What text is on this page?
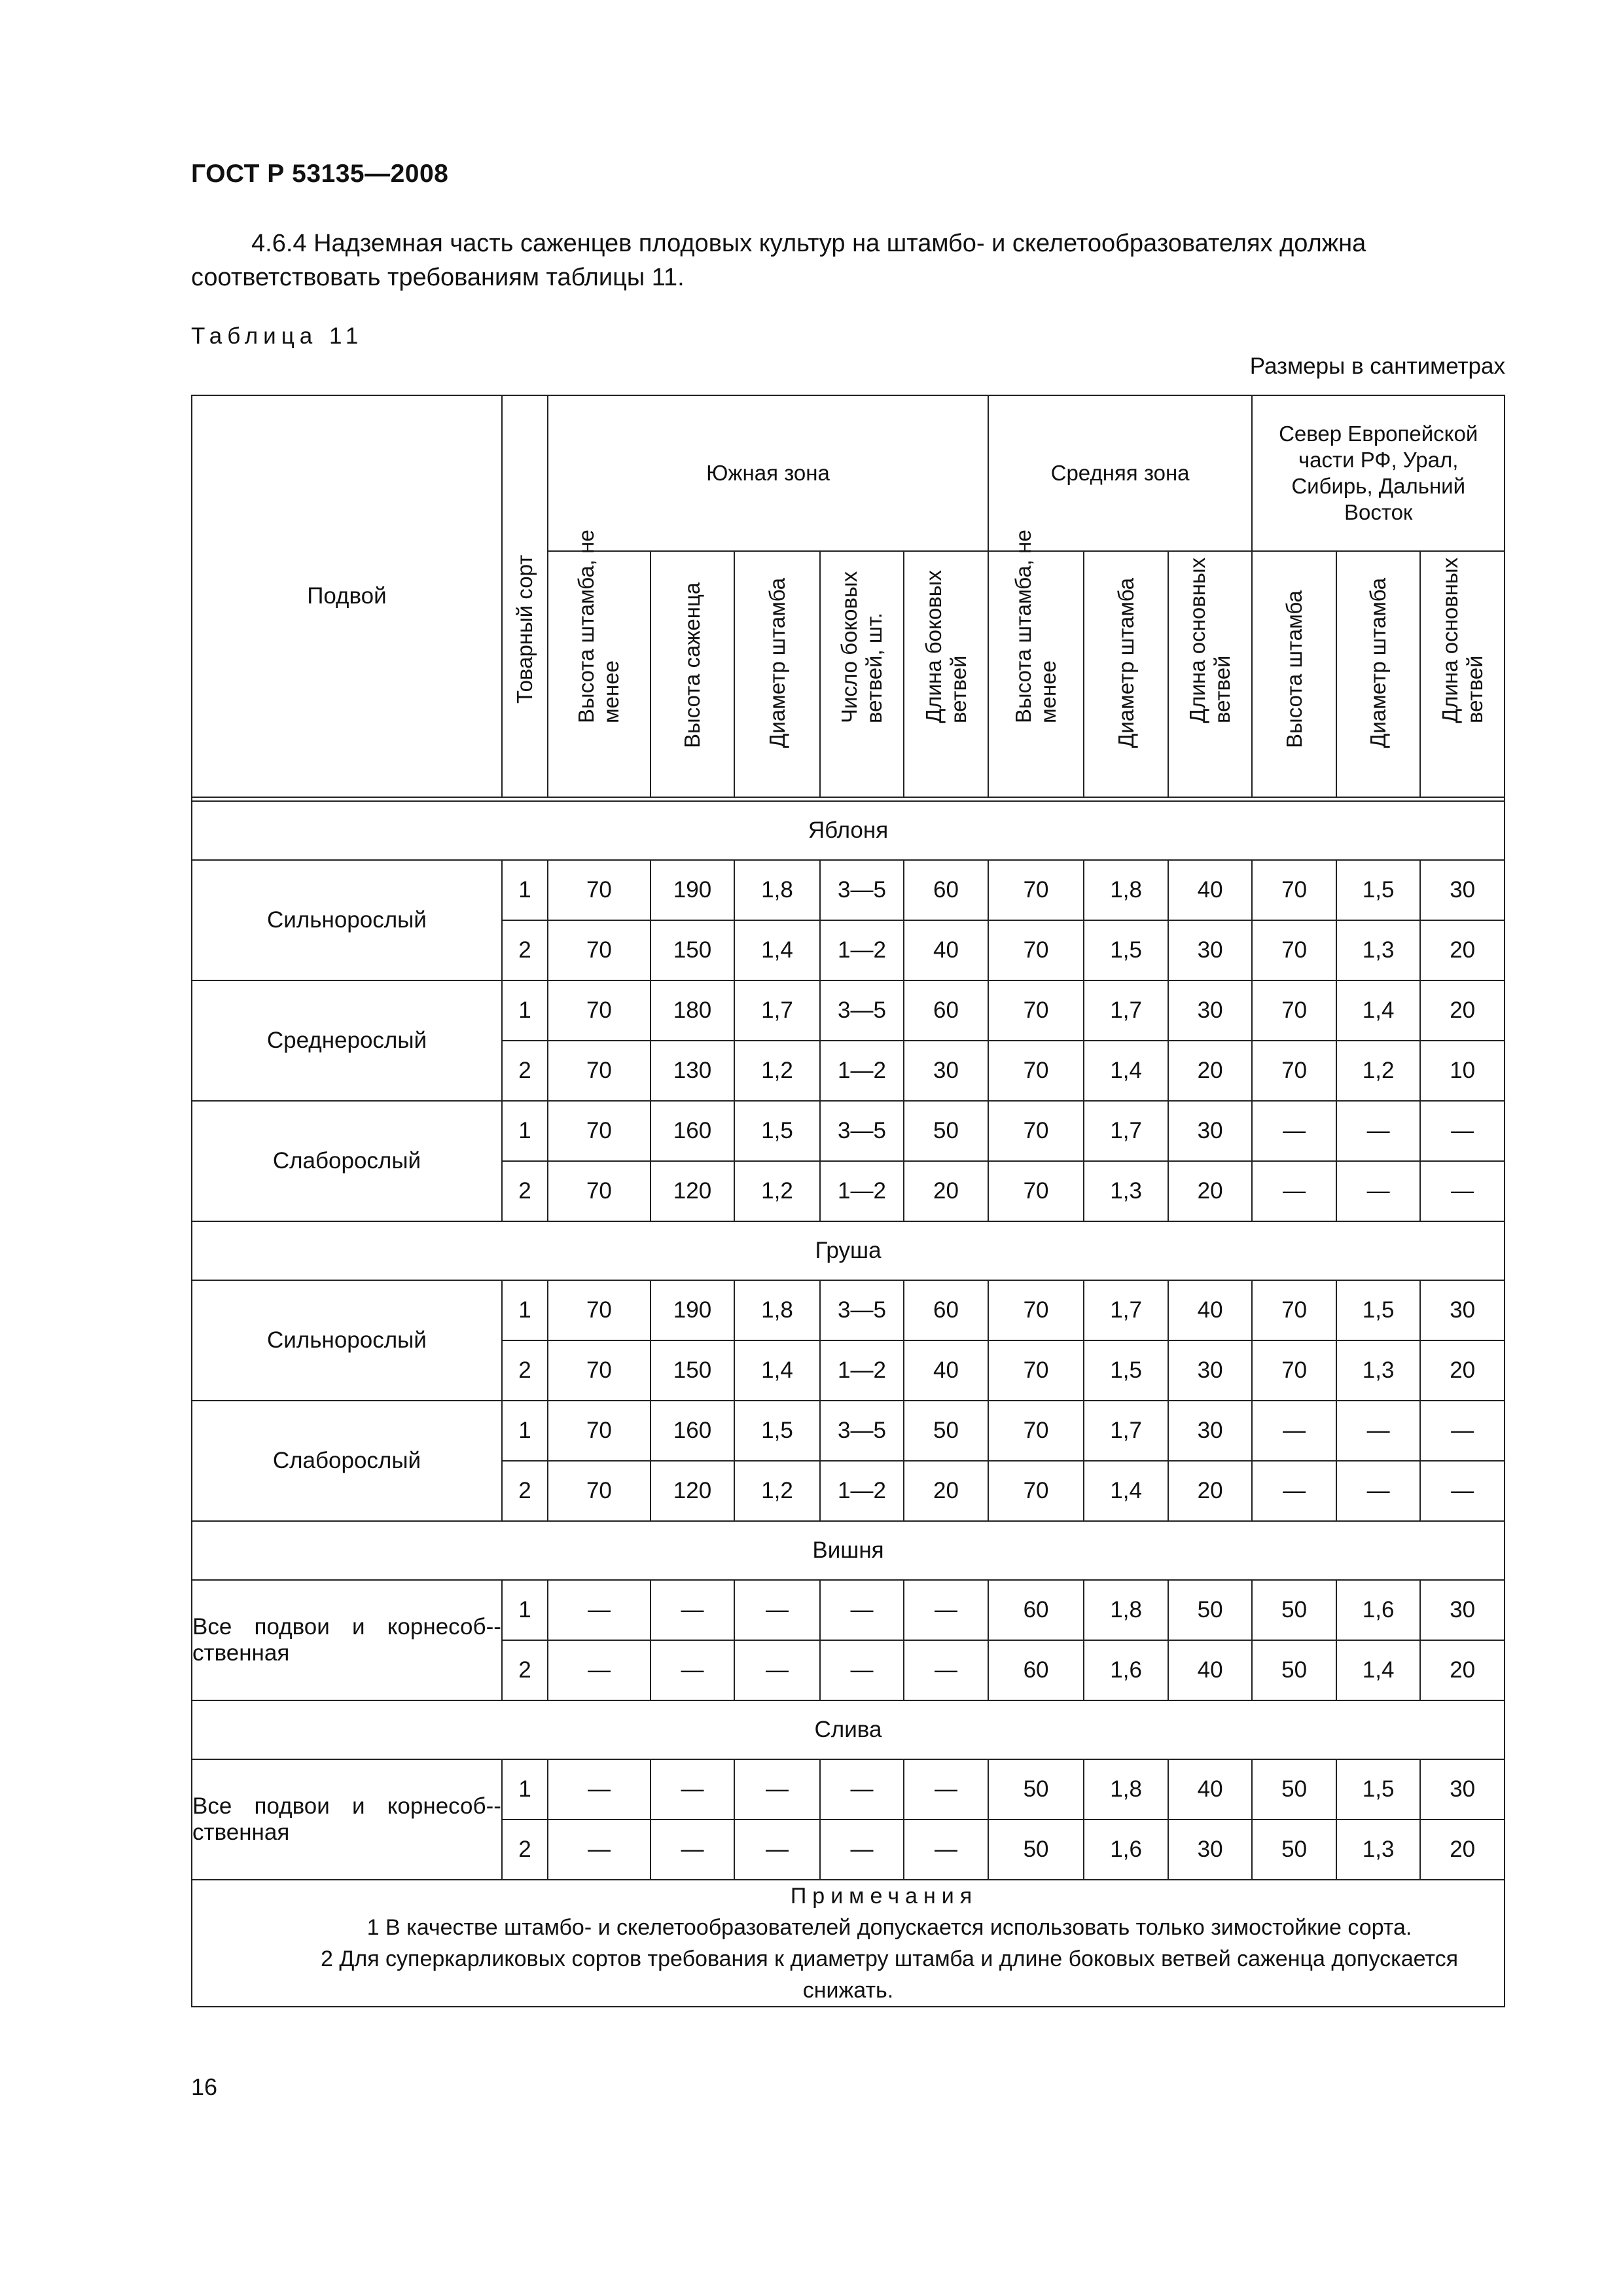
ГОСТ Р 53135—2008
4.6.4 Надземная часть саженцев плодовых культур на штамбо- и скелетообразователях должна соответствовать требованиям таблицы 11.
Таблица 11
Размеры в сантиметрах
Подвой	Товарный сорт	Южная зона					Средняя зона			Север Европейской части РФ, Урал, Сибирь, Дальний Восток		

		Высота штамба, не менее	Высота саженца	Диаметр штамба	Число боковых ветвей, шт.	Длина боковых ветвей	Высота штамба, не менее	Диаметр штамба	Длина основных ветвей	Высота штамба	Диаметр штамба	Длина основных ветвей

Яблоня												
Сильнорослый	1	70	190	1,8	3—5	60	70	1,8	40	70	1,5	30
	2	70	150	1,4	1—2	40	70	1,5	30	70	1,3	20
Среднерослый	1	70	180	1,7	3—5	60	70	1,7	30	70	1,4	20
	2	70	130	1,2	1—2	30	70	1,4	20	70	1,2	10
Слаборослый	1	70	160	1,5	3—5	50	70	1,7	30	—	—	—
	2	70	120	1,2	1—2	20	70	1,3	20	—	—	—
Груша												
Сильнорослый	1	70	190	1,8	3—5	60	70	1,7	40	70	1,5	30
	2	70	150	1,4	1—2	40	70	1,5	30	70	1,3	20
Слаборослый	1	70	160	1,5	3—5	50	70	1,7	30	—	—	—
	2	70	120	1,2	1—2	20	70	1,4	20	—	—	—
Вишня												
Все подвои и корнесоб-ственная	1	—	—	—	—	—	60	1,8	50	50	1,6	30
	2	—	—	—	—	—	60	1,6	40	50	1,4	20
Слива												
Все подвои и корнесоб-ственная	1	—	—	—	—	—	50	1,8	40	50	1,5	30
	2	—	—	—	—	—	50	1,6	30	50	1,3	20

Примечания
1 В качестве штамбо- и скелетообразователей допускается использовать только зимостойкие сорта.
2 Для суперкарликовых сортов требования к диаметру штамба и длине боковых ветвей саженца допускается снижать.												
16
